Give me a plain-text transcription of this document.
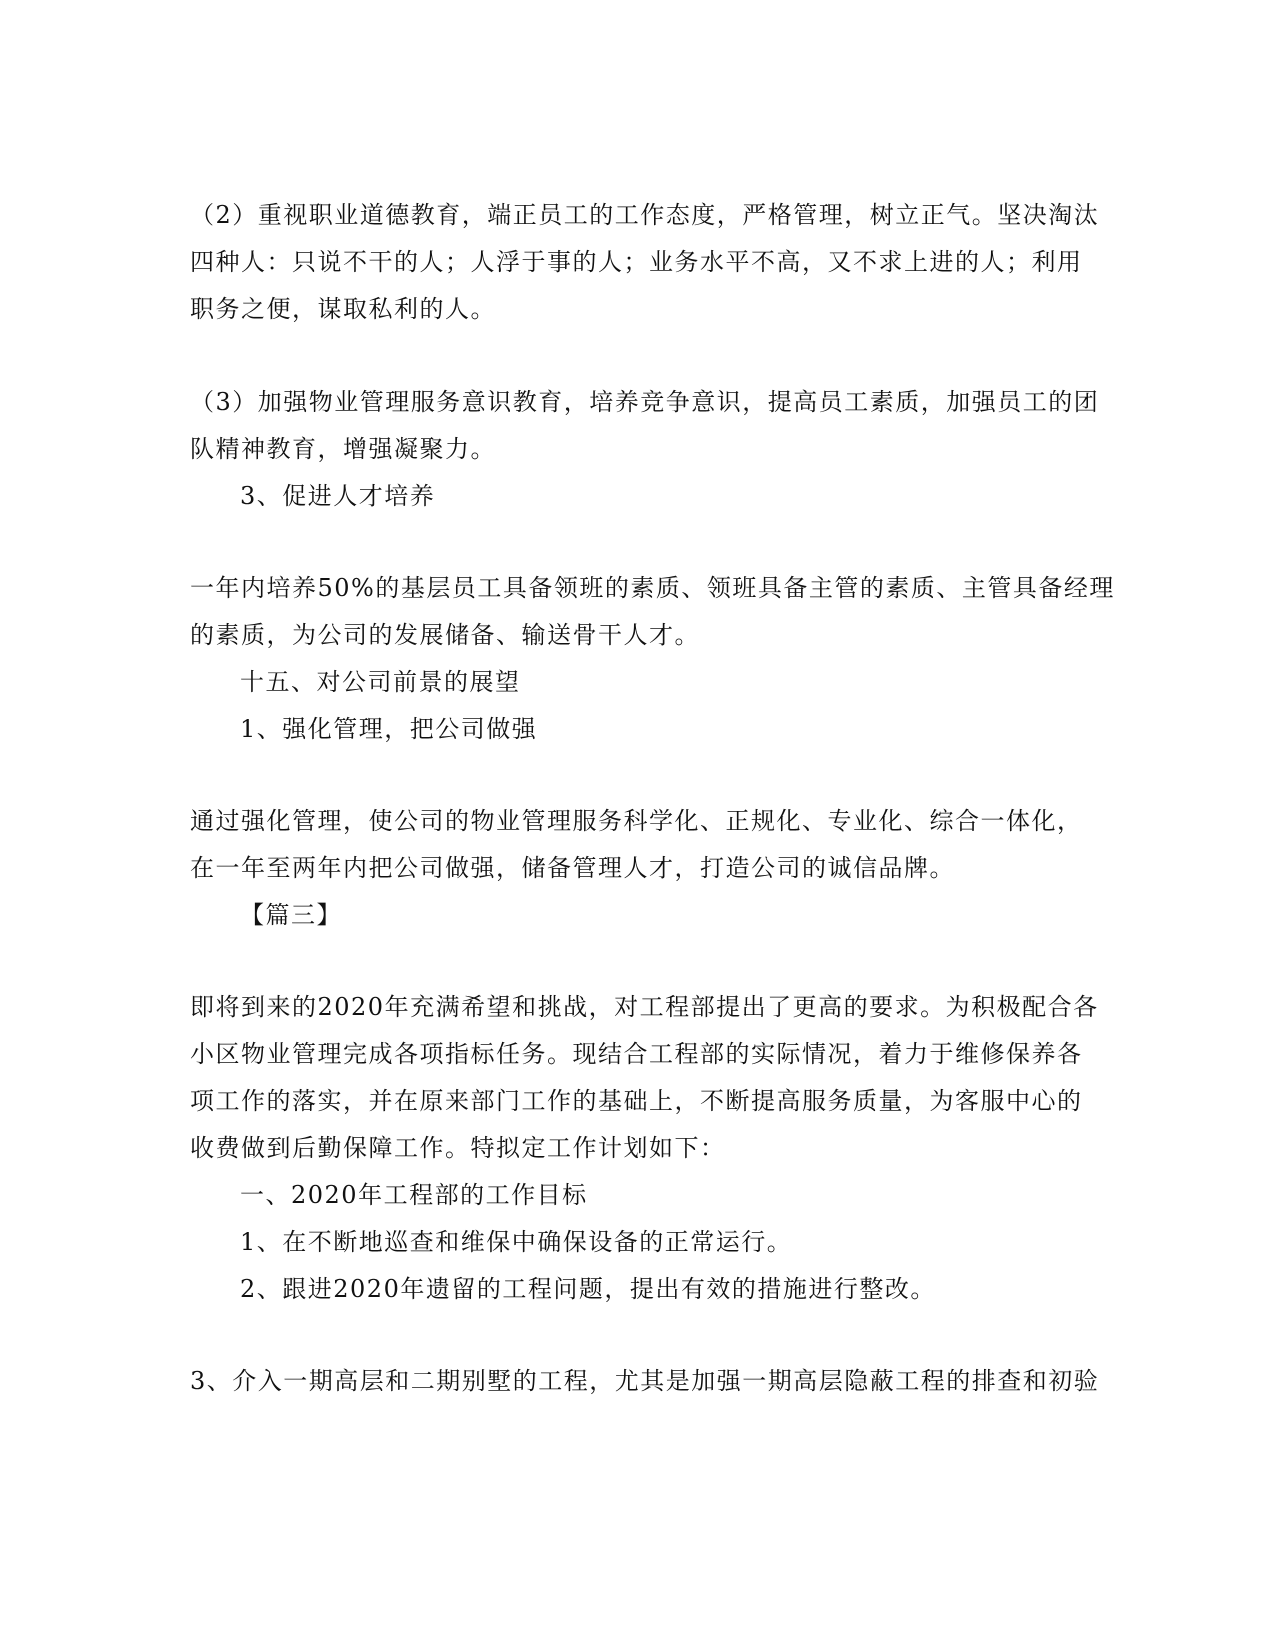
（2）重视职业道德教育，端正员工的工作态度，严格管理，树立正气。坚决淘汰
四种人：只说不干的人；人浮于事的人；业务水平不高，又不求上进的人；利用
职务之便，谋取私利的人。
（3）加强物业管理服务意识教育，培养竞争意识，提高员工素质，加强员工的团
队精神教育，增强凝聚力。
3、促进人才培养
一年内培养50%的基层员工具备领班的素质、领班具备主管的素质、主管具备经理
的素质，为公司的发展储备、输送骨干人才。
十五、对公司前景的展望
1、强化管理，把公司做强
通过强化管理，使公司的物业管理服务科学化、正规化、专业化、综合一体化，
在一年至两年内把公司做强，储备管理人才，打造公司的诚信品牌。
【篇三】
即将到来的2020年充满希望和挑战，对工程部提出了更高的要求。为积极配合各
小区物业管理完成各项指标任务。现结合工程部的实际情况，着力于维修保养各
项工作的落实，并在原来部门工作的基础上，不断提高服务质量，为客服中心的
收费做到后勤保障工作。特拟定工作计划如下：
一、2020年工程部的工作目标
1、在不断地巡查和维保中确保设备的正常运行。
2、跟进2020年遗留的工程问题，提出有效的措施进行整改。
3、介入一期高层和二期别墅的工程，尤其是加强一期高层隐蔽工程的排查和初验
